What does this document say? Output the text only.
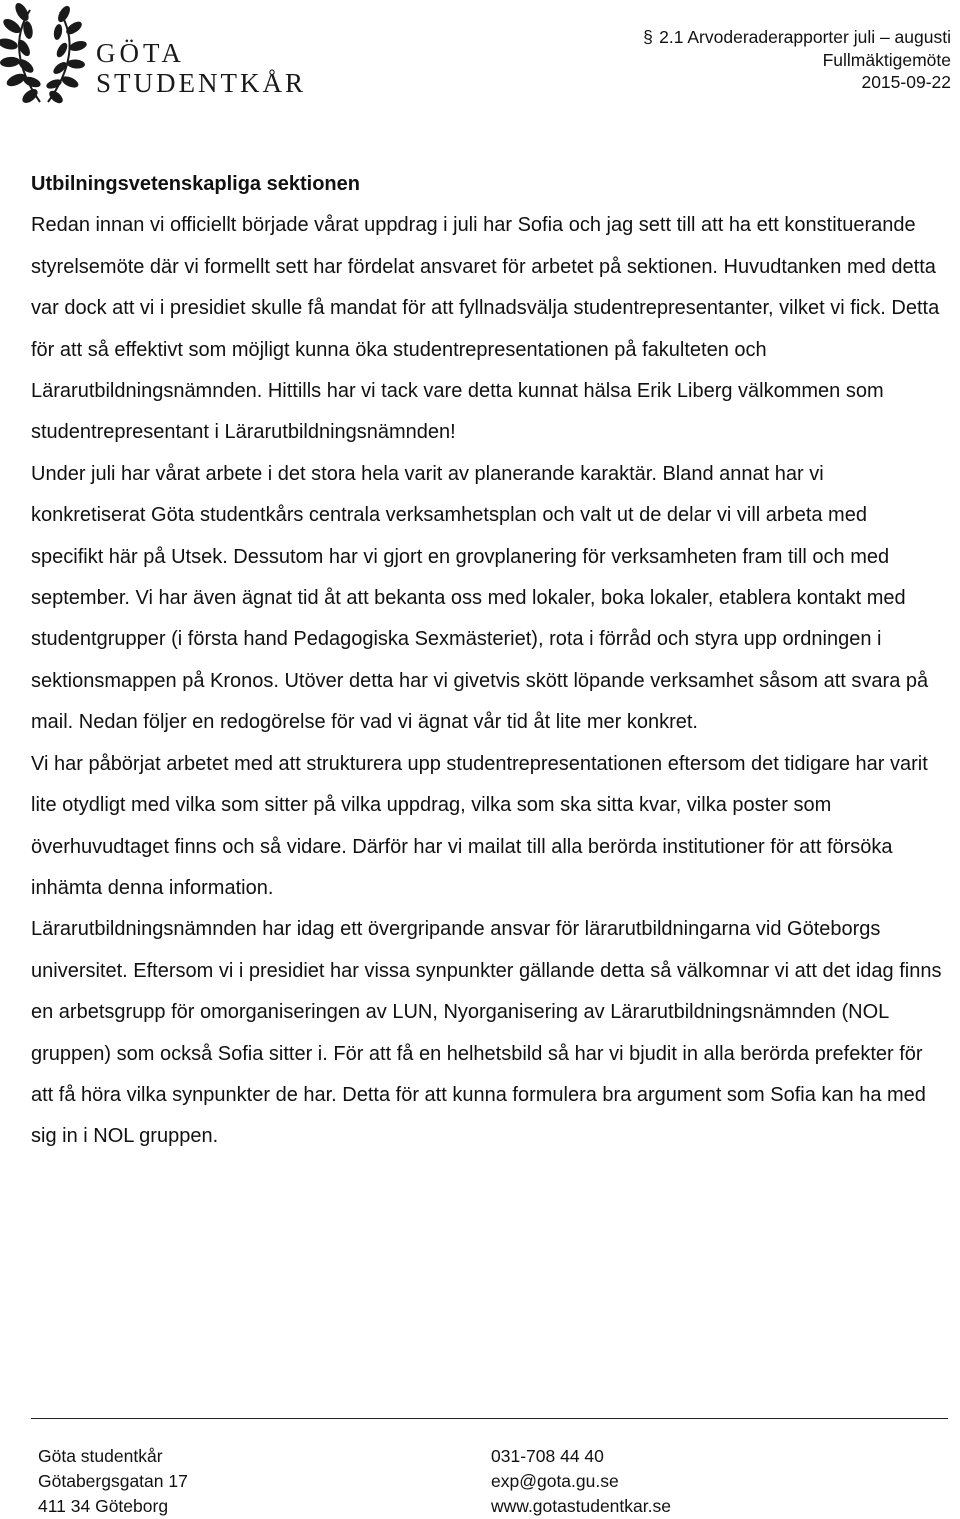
GÖTA
STUDENTKÅR
§ 2.1 Arvoderaderapporter juli – augusti
Fullmäktigemöte
2015-09-22
Utbilningsvetenskapliga sektionen

Redan innan vi officiellt började vårat uppdrag i juli har Sofia och jag sett till att ha ett konstituerande styrelsemöte där vi formellt sett har fördelat ansvaret för arbetet på sektionen. Huvudtanken med detta var dock att vi i presidiet skulle få mandat för att fyllnadsvälja studentrepresentanter, vilket vi fick. Detta för att så effektivt som möjligt kunna öka studentrepresentationen på fakulteten och Lärarutbildningsnämnden. Hittills har vi tack vare detta kunnat hälsa Erik Liberg välkommen som studentrepresentant i Lärarutbildningsnämnden!

Under juli har vårat arbete i det stora hela varit av planerande karaktär. Bland annat har vi konkretiserat Göta studentkårs centrala verksamhetsplan och valt ut de delar vi vill arbeta med specifikt här på Utsek. Dessutom har vi gjort en grovplanering för verksamheten fram till och med september. Vi har även ägnat tid åt att bekanta oss med lokaler, boka lokaler, etablera kontakt med studentgrupper (i första hand Pedagogiska Sexmästeriet), rota i förråd och styra upp ordningen i sektionsmappen på Kronos. Utöver detta har vi givetvis skött löpande verksamhet såsom att svara på mail. Nedan följer en redogörelse för vad vi ägnat vår tid åt lite mer konkret.

Vi har påbörjat arbetet med att strukturera upp studentrepresentationen eftersom det tidigare har varit lite otydligt med vilka som sitter på vilka uppdrag, vilka som ska sitta kvar, vilka poster som överhuvudtaget finns och så vidare. Därför har vi mailat till alla berörda institutioner för att försöka inhämta denna information.

Lärarutbildningsnämnden har idag ett övergripande ansvar för lärarutbildningarna vid Göteborgs universitet. Eftersom vi i presidiet har vissa synpunkter gällande detta så välkomnar vi att det idag finns en arbetsgrupp för omorganiseringen av LUN, Nyorganisering av Lärarutbildningsnämnden (NOL gruppen) som också Sofia sitter i. För att få en helhetsbild så har vi bjudit in alla berörda prefekter för att få höra vilka synpunkter de har. Detta för att kunna formulera bra argument som Sofia kan ha med sig in i NOL gruppen.

Göta studentkår
Götabergsgatan 17
411 34 Göteborg
031-708 44 40
exp@gota.gu.se
www.gotastudentkar.se
